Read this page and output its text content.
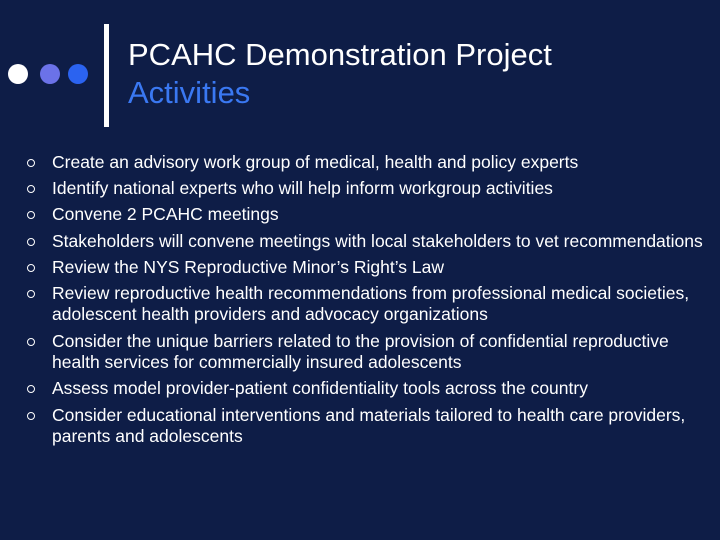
PCAHC Demonstration Project
Activities
Create an advisory work group of medical, health and policy experts
Identify national experts who will help inform workgroup activities
Convene 2 PCAHC meetings
Stakeholders will convene meetings with local stakeholders to vet recommendations
Review the NYS Reproductive Minor’s Right’s Law
Review reproductive health recommendations from professional medical societies, adolescent health providers and advocacy organizations
Consider the unique barriers related to the provision of confidential reproductive health services for commercially insured adolescents
Assess model provider-patient confidentiality tools across the country
Consider educational interventions and materials tailored to health care providers, parents and adolescents
